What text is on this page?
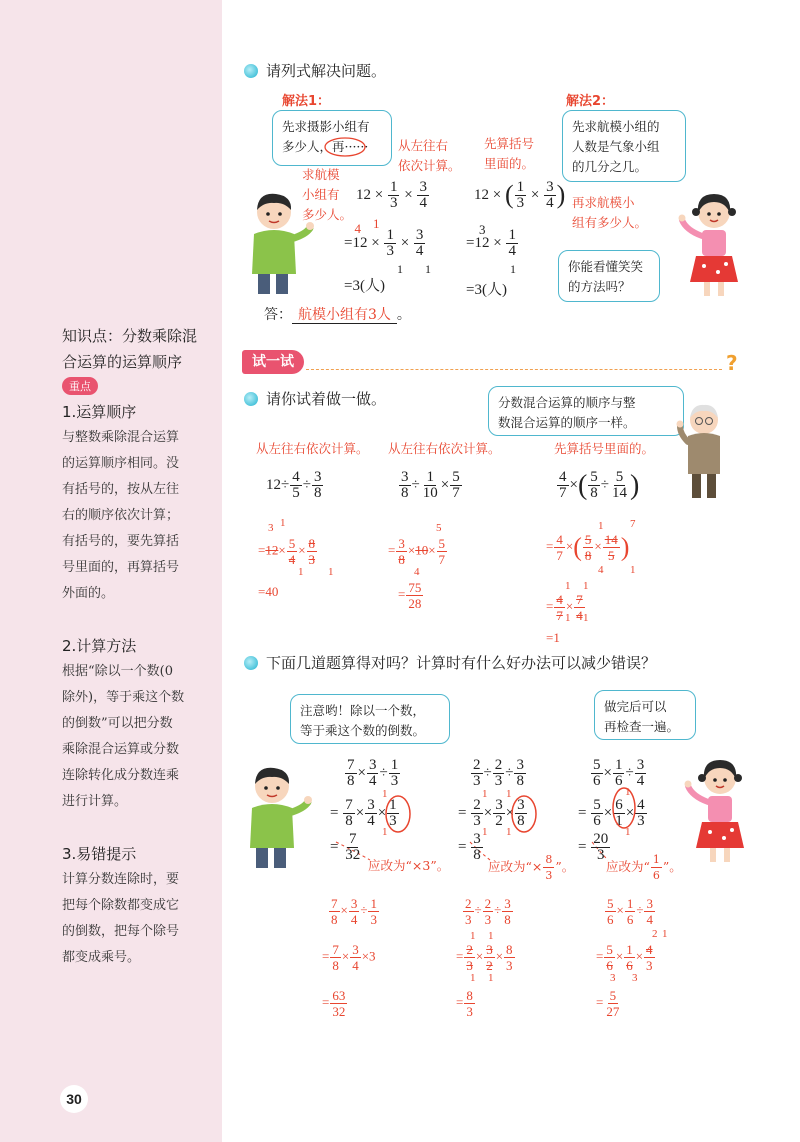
知识点：分数乘除混

合运算的运算顺序

重点

1.运算顺序

与整数乘除混合运算

的运算顺序相同。没

有括号的，按从左往

右的顺序依次计算；

有括号的，要先算括

号里面的，再算括号

外面的。

2.计算方法

根据“除以一个数(0

除外)，等于乘这个数

的倒数”可以把分数

乘除混合运算或分数

连除转化成分数连乘

进行计算。

3.易错提示

计算分数连除时，要

把每个除数都变成它

的倒数，把每个除号

都变成乘号。

30
请列式解决问题。
解法1：	解法2：
先求摄影小组有
多少人，再······
求航模
小组有
多少人。
从左往右
依次计算。
先算括号
里面的。
先求航模小组的
人数是气象小组
的几分之几。
再求航模小
组有多少人。
你能看懂笑笑
的方法吗？
$12 \times \frac{1}{3} \times \frac{3}{4}$
=12
4
× $\frac{1}{3} \times \frac{3}{4}$
1
1 1
=3(人)
12 × ( $\frac{1}{3} \times \frac{3}{4}$ )
$=12 \times \frac{1}{4}$
3
1
=3(人)
答： 航模小组有3人 。
试一试	?
请你试着做一做。	分数混合运算的顺序与整
数混合运算的顺序一样。
从左往右依次计算。 从左往右依次计算。	先算括号里面的。
$12\div \frac{4}{5} \div \frac{3}{8}$	$\frac{3}{8} \div \frac{1}{10} \times \frac{5}{7}$	$\frac{4}{7}$ ×( $\frac{5}{8} \div \frac{5}{14}$ )
$=12\times \frac{5}{4} \times \frac{8}{3}$
3 1
1 1
=40
= $\frac{3}{8} \times 10\times \frac{5}{7}$
5
4
= $\frac{75}{28}$
= $\frac{4}{7}$ ×( $\frac{5}{8} \times \frac{14}{5}$ )
1 7
4 1
= $\frac{4}{7} \times \frac{7}{4}$
1 1
1 1
=1
下面几道题算得对吗？计算时有什么好办法可以减少错误？
注意哟！除以一个数，
等于乘这个数的倒数。
做完后可以
再检查一遍。
$\frac{7}{8} \times \frac{3}{4} \div \frac{1}{3}$	$\frac{2}{3} \div \frac{2}{3} \div \frac{3}{8}$	$\frac{5}{6} \times \frac{1}{6} \div \frac{3}{4}$
= $\frac{7}{8} \times \frac{3}{4} \times \frac{1}{3}$
1
1
= $\frac{2}{3} \times \frac{3}{2} \times \frac{3}{8}$
1 1
1 1
= $\frac{5}{6} \times \frac{6}{1} \times \frac{4}{3}$
1
1
= $\frac{7}{32}$	= $\frac{3}{8}$	= $\frac{20}{3}$
应改为“×3”。	应改为“× $\frac{8}{3}$ ”。	应改为“ $\frac{1}{6}$ ”。
$\frac{7}{8} \times \frac{3}{4} \div \frac{1}{3}$
= $\frac{7}{8} \times \frac{3}{4} \times 3$
= $\frac{63}{32}$
$\frac{2}{3} \div \frac{2}{3} \div \frac{3}{8}$
= $\frac{2}{3} \times \frac{3}{2} \times \frac{8}{3}$
1 1
1 1
= $\frac{8}{3}$
$\frac{5}{6} \times \frac{1}{6} \div \frac{3}{4}$
= $\frac{5}{6} \times \frac{1}{6} \times \frac{4}{3}$
2 1
3 3
= $\frac{5}{27}$
